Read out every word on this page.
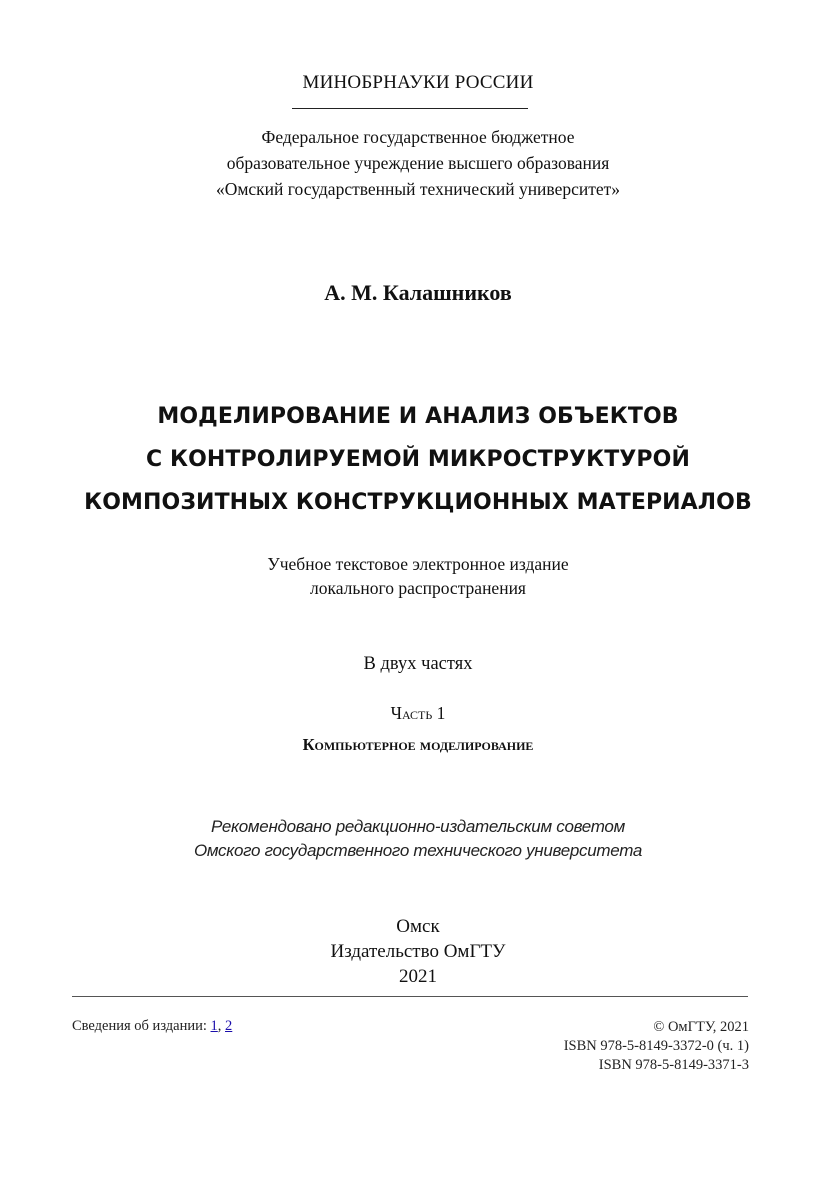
МИНОБРНАУКИ РОССИИ
Федеральное государственное бюджетное
образовательное учреждение высшего образования
«Омский государственный технический университет»
А. М. Калашников
МОДЕЛИРОВАНИЕ И АНАЛИЗ ОБЪЕКТОВ
С КОНТРОЛИРУЕМОЙ МИКРОСТРУКТУРОЙ
КОМПОЗИТНЫХ КОНСТРУКЦИОННЫХ МАТЕРИАЛОВ
Учебное текстовое электронное издание
локального распространения
В двух частях
Часть 1
Компьютерное моделирование
Рекомендовано редакционно-издательским советом
Омского государственного технического университета
Омск
Издательство ОмГТУ
2021
Сведения об издании: 1, 2	© ОмГТУ, 2021
ISBN 978-5-8149-3372-0 (ч. 1)
ISBN 978-5-8149-3371-3
